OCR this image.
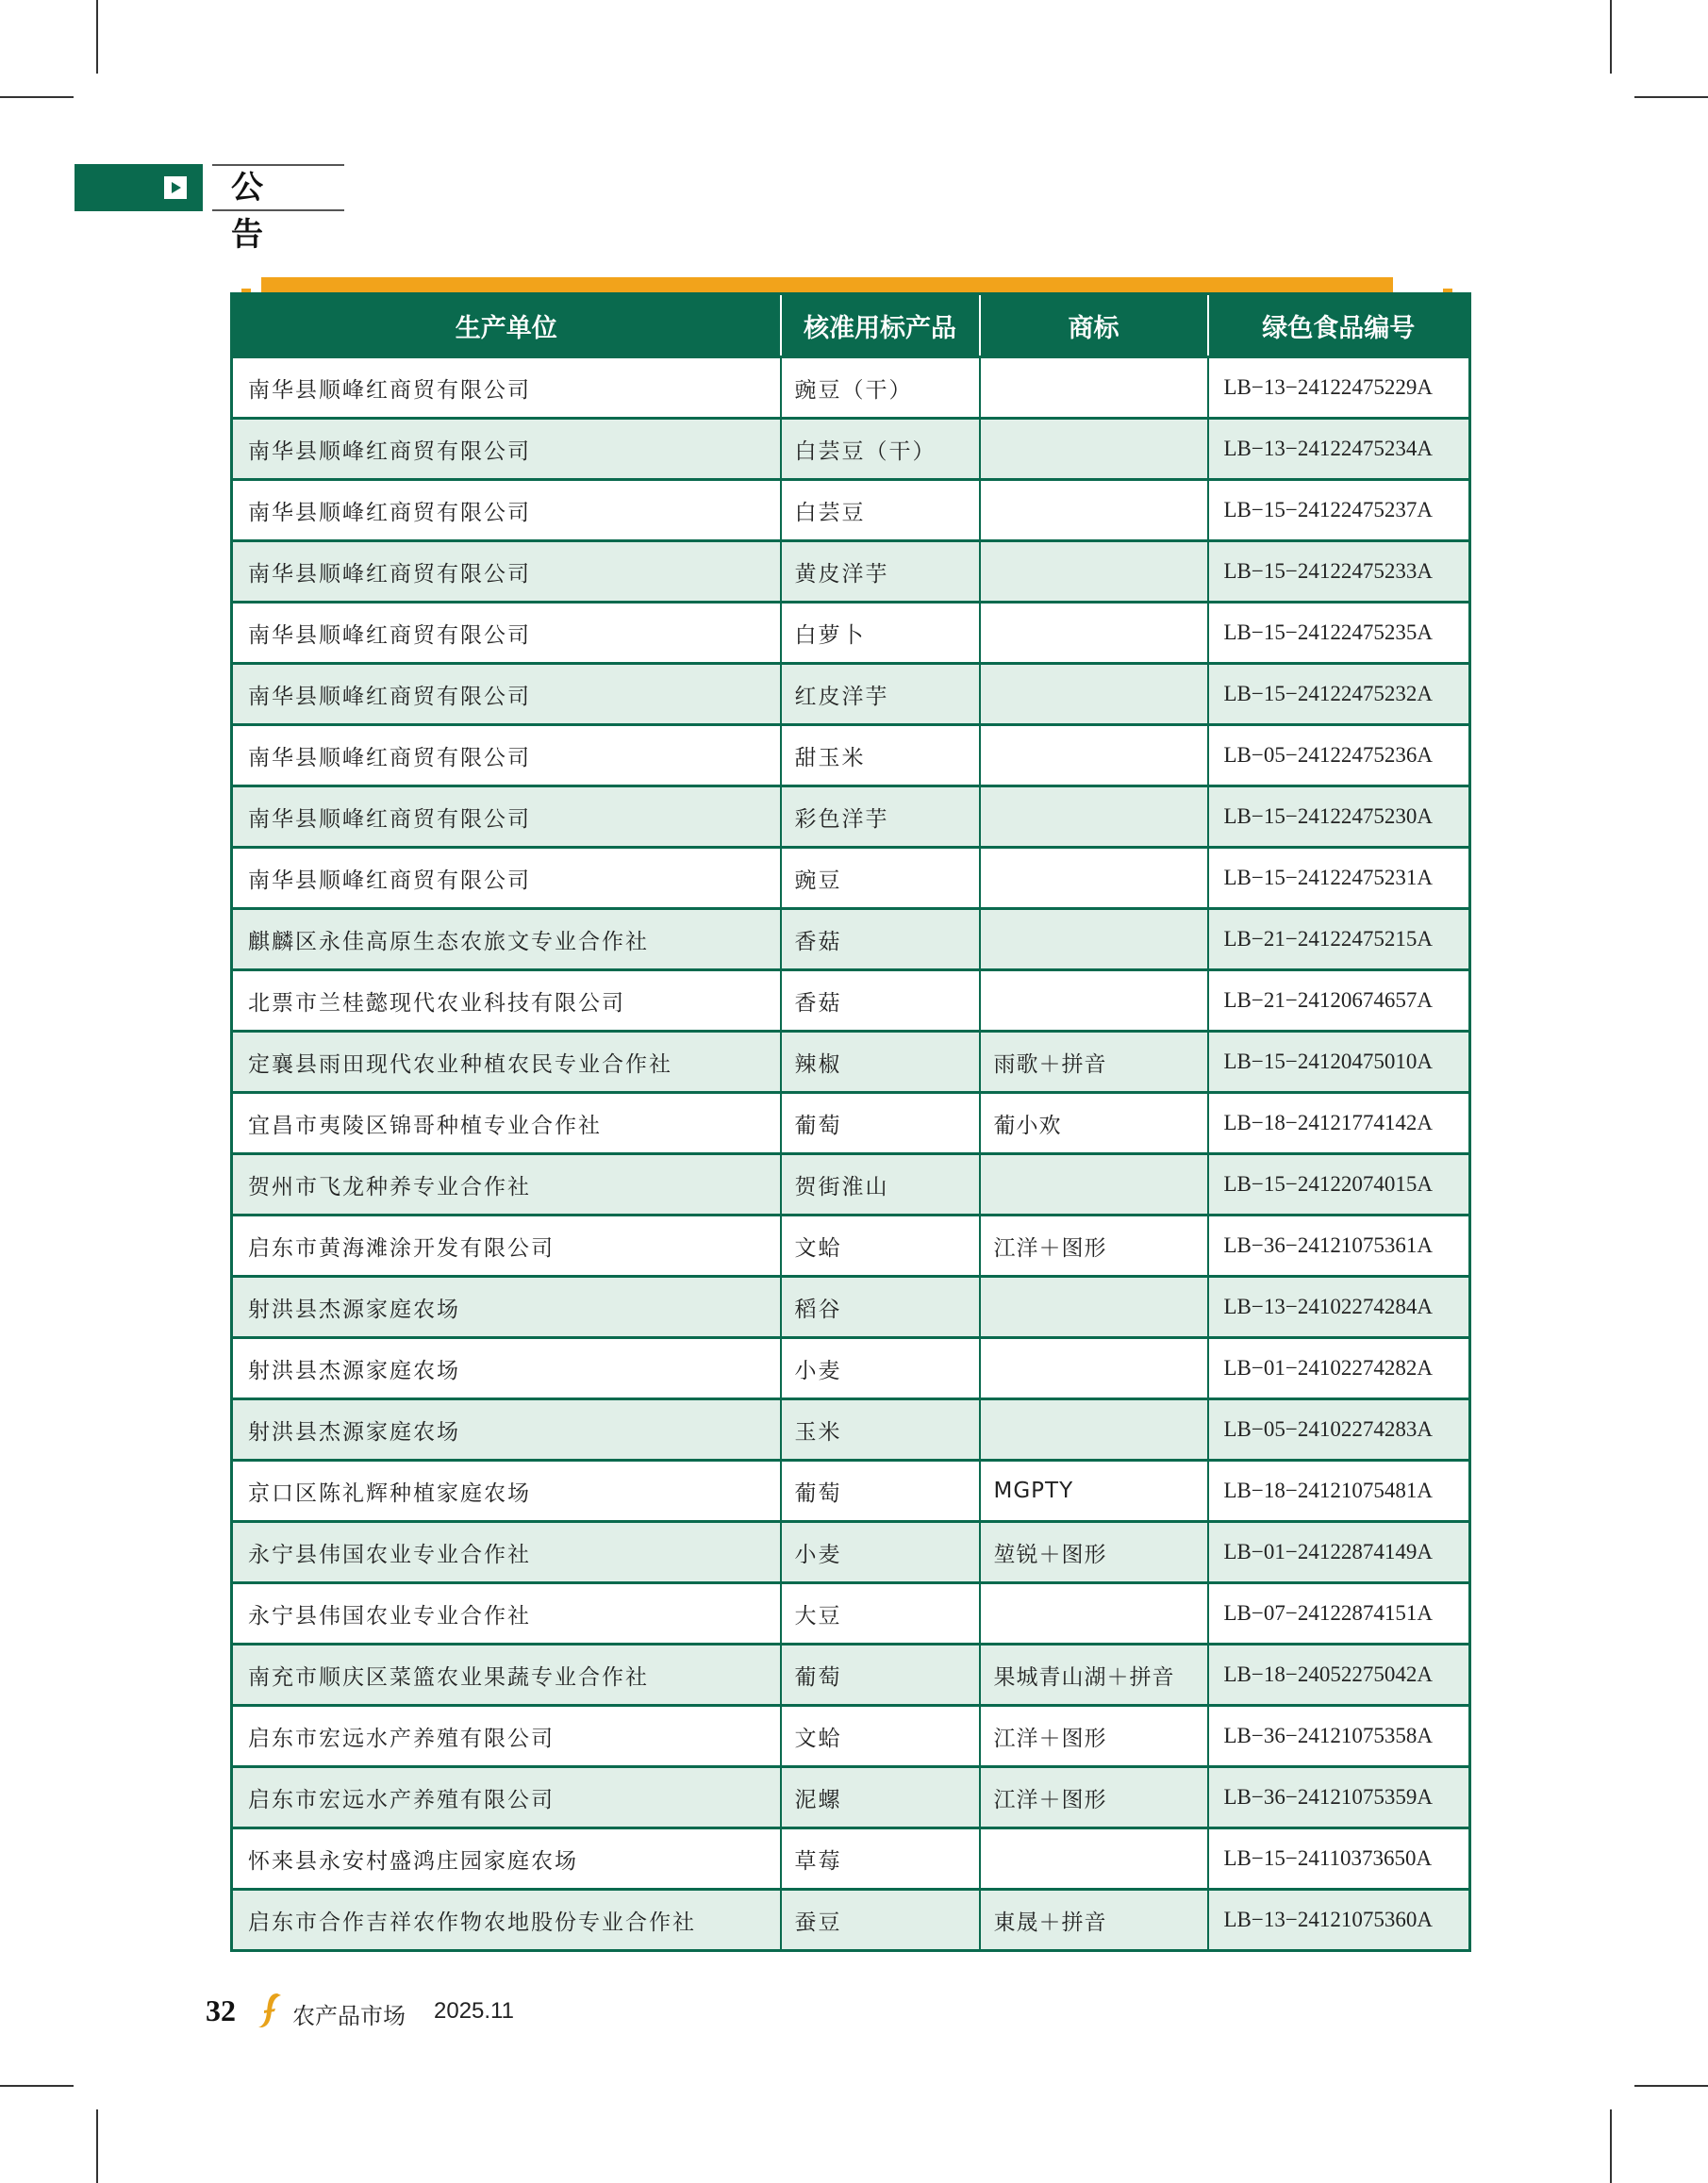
公 告
生产单位	核准用标产品	商标	绿色食品编号
南华县顺峰红商贸有限公司	豌豆（干）		LB−13−24122475229A
南华县顺峰红商贸有限公司	白芸豆（干）		LB−13−24122475234A
南华县顺峰红商贸有限公司	白芸豆		LB−15−24122475237A
南华县顺峰红商贸有限公司	黄皮洋芋		LB−15−24122475233A
南华县顺峰红商贸有限公司	白萝卜		LB−15−24122475235A
南华县顺峰红商贸有限公司	红皮洋芋		LB−15−24122475232A
南华县顺峰红商贸有限公司	甜玉米		LB−05−24122475236A
南华县顺峰红商贸有限公司	彩色洋芋		LB−15−24122475230A
南华县顺峰红商贸有限公司	豌豆		LB−15−24122475231A
麒麟区永佳高原生态农旅文专业合作社	香菇		LB−21−24122475215A
北票市兰桂懿现代农业科技有限公司	香菇		LB−21−24120674657A
定襄县雨田现代农业种植农民专业合作社	辣椒	雨歌＋拼音	LB−15−24120475010A
宜昌市夷陵区锦哥种植专业合作社	葡萄	葡小欢	LB−18−24121774142A
贺州市飞龙种养专业合作社	贺街淮山		LB−15−24122074015A
启东市黄海滩涂开发有限公司	文蛤	江洋＋图形	LB−36−24121075361A
射洪县杰源家庭农场	稻谷		LB−13−24102274284A
射洪县杰源家庭农场	小麦		LB−01−24102274282A
射洪县杰源家庭农场	玉米		LB−05−24102274283A
京口区陈礼辉种植家庭农场	葡萄	MGPTY	LB−18−24121075481A
永宁县伟国农业专业合作社	小麦	堃锐＋图形	LB−01−24122874149A
永宁县伟国农业专业合作社	大豆		LB−07−24122874151A
南充市顺庆区菜篮农业果蔬专业合作社	葡萄	果城青山湖＋拼音	LB−18−24052275042A
启东市宏远水产养殖有限公司	文蛤	江洋＋图形	LB−36−24121075358A
启东市宏远水产养殖有限公司	泥螺	江洋＋图形	LB−36−24121075359A
怀来县永安村盛鸿庄园家庭农场	草莓		LB−15−24110373650A
启东市合作吉祥农作物农地股份专业合作社	蚕豆	東晟＋拼音	LB−13−24121075360A
32	农产品市场 2025.11
